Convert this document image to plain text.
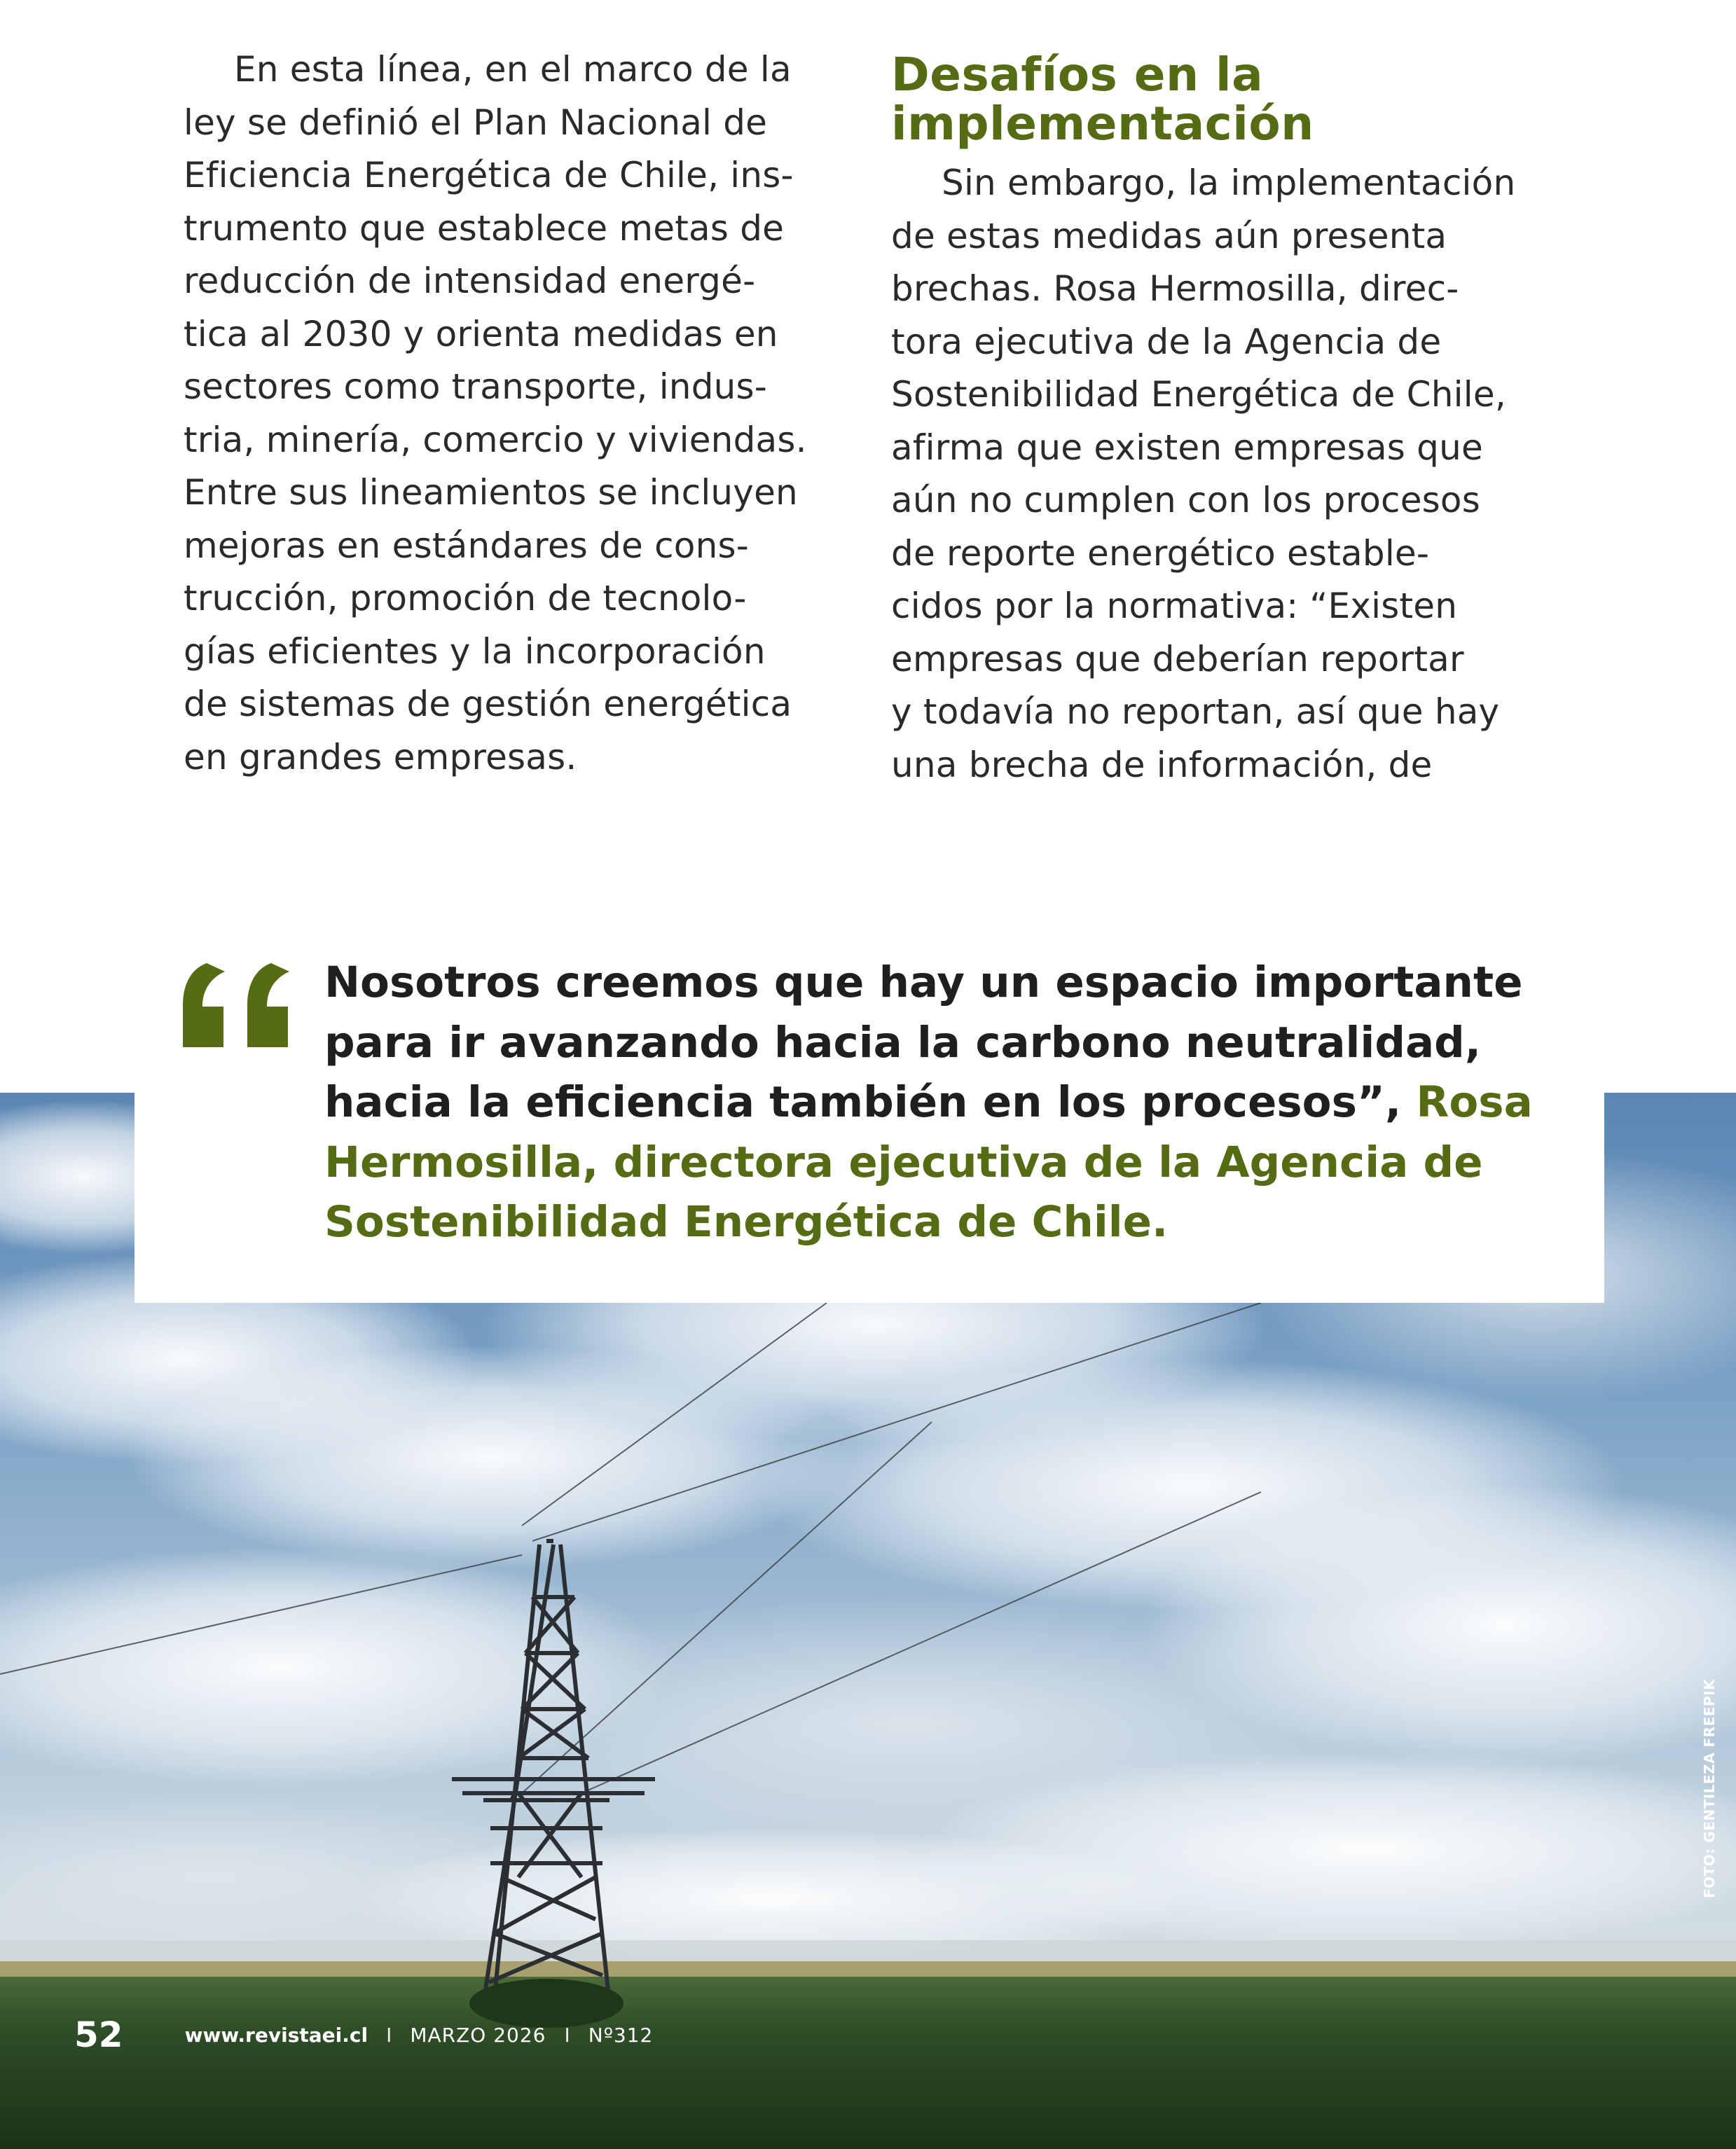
En esta línea, en el marco de la
ley se definió el Plan Nacional de
Eficiencia Energética de Chile, ins-
trumento que establece metas de
reducción de intensidad energé-
tica al 2030 y orienta medidas en
sectores como transporte, indus-
tria, minería, comercio y viviendas.
Entre sus lineamientos se incluyen
mejoras en estándares de cons-
trucción, promoción de tecnolo-
gías eficientes y la incorporación
de sistemas de gestión energética
en grandes empresas.

Desafíos en la
implementación

Sin embargo, la implementación
de estas medidas aún presenta
brechas. Rosa Hermosilla, direc-
tora ejecutiva de la Agencia de
Sostenibilidad Energética de Chile,
afirma que existen empresas que
aún no cumplen con los procesos
de reporte energético estable-
cidos por la normativa: “Existen
empresas que deberían reportar
y todavía no reportan, así que hay
una brecha de información, de

Nosotros creemos que hay un espacio importante
para ir avanzando hacia la carbono neutralidad,
hacia la eficiencia también en los procesos”, Rosa
Hermosilla, directora ejecutiva de la Agencia de
Sostenibilidad Energética de Chile.
FOTO: GENTILEZA FREEPIK
52	www.revistaei.cl I MARZO 2026 I Nº312
